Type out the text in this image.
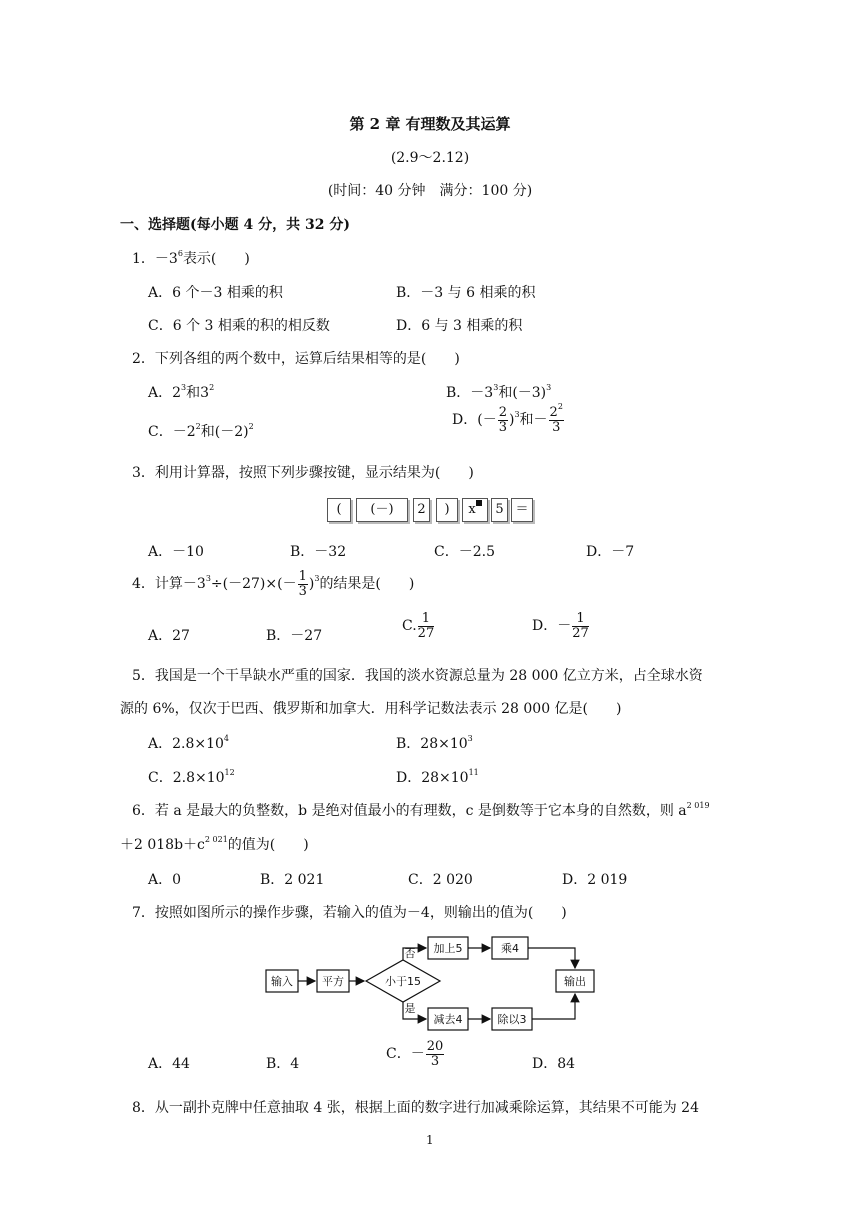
第 2 章 有理数及其运算
(2.9～2.12)
(时间：40 分钟　满分：100 分)
一、选择题(每小题 4 分，共 32 分)
1．$-3^6$表示(　　)
A．6 个－3 相乘的积	B．－3 与 6 相乘的积
C．6 个 3 相乘的积的相反数	D．6 与 3 相乘的积
2．下列各组的两个数中，运算后结果相等的是(　　)
A．$2^3$和$3^2$	B．$-3^3$和$(-3)^3$
C．$-2^2$和$(-2)^2$	D．(－ $\frac{2}{3} )^3$和－ $\frac{2^2}{3}$
3．利用计算器，按照下列步骤按键，显示结果为(　　)
(	(－)	2	)	x	5 ＝
A．－10	B．－32	C．－2.5	D．－7
4．计算$-3^3\div(-27)\times(- \frac{1}{3} )^3$的结果是(　　)
A．27	B．－27
C. $\frac{1}{27}$	D．－ $\frac{1}{27}$
5．我国是一个干旱缺水严重的国家．我国的淡水资源总量为 28 000 亿立方米，占全球水资
源的 6%，仅次于巴西、俄罗斯和加拿大．用科学记数法表示 28 000 亿是(　　)
A．$2.8\times 10^4$	B．$28\times 10^3$
C．$2.8\times 10^{12}$	D．$28\times 10^{11}$
6．若 a 是最大的负整数，b 是绝对值最小的有理数，c 是倒数等于它本身的自然数，则 $a^{2 019}$
＋2 $018b+c^{2 021}$的值为(　　)
A．0	B．2 021	C．2 020	D．2 019
7．按照如图所示的操作步骤，若输入的值为－4，则输出的值为(　　)
输入	平方	小于15
否
是
加上5	乘4
减去4	除以3
输出
A．44	B．4
C．－ $\frac{20}{3}$	D．84
8．从一副扑克牌中任意抽取 4 张，根据上面的数字进行加减乘除运算，其结果不可能为 24
1
